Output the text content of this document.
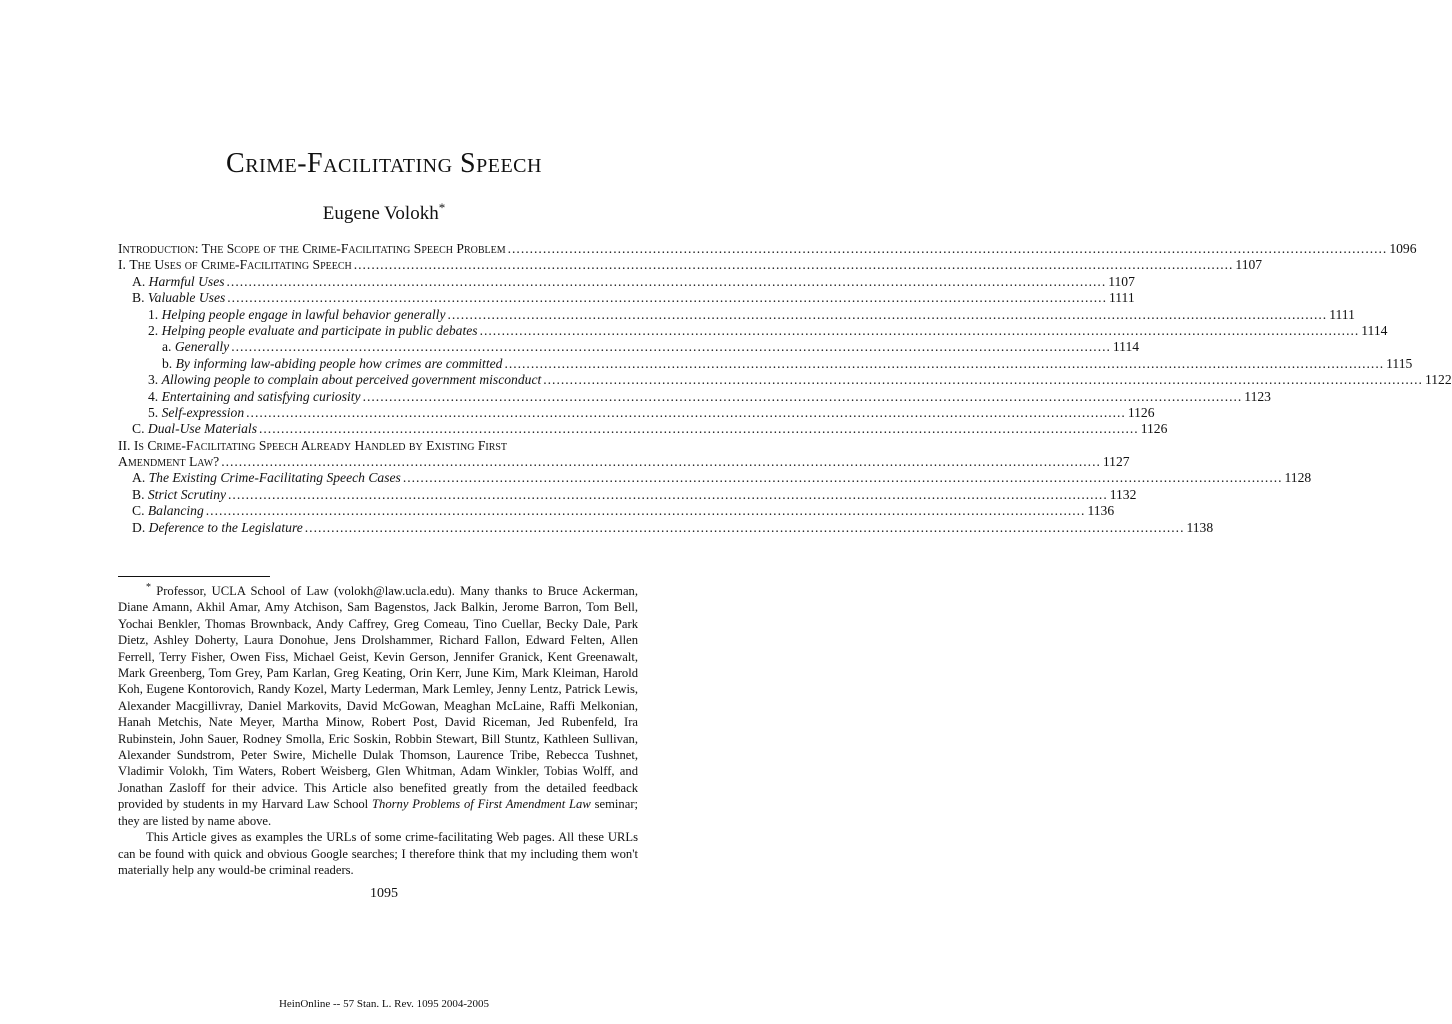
Crime-Facilitating Speech
Eugene Volokh*
Introduction: The Scope of the Crime-Facilitating Speech Problem .....	1096
I. The Uses of Crime-Facilitating Speech .....	1107
A. Harmful Uses .....	1107
B. Valuable Uses .....	1111
1. Helping people engage in lawful behavior generally .....	1111
2. Helping people evaluate and participate in public debates .....	1114
a. Generally .....	1114
b. By informing law-abiding people how crimes are committed .....	1115
3. Allowing people to complain about perceived government misconduct .....	1122
4. Entertaining and satisfying curiosity .....	1123
5. Self-expression .....	1126
C. Dual-Use Materials .....	1126
II. Is Crime-Facilitating Speech Already Handled by Existing First
Amendment Law? .....	1127
A. The Existing Crime-Facilitating Speech Cases .....	1128
B. Strict Scrutiny .....	1132
C. Balancing .....	1136
D. Deference to the Legislature .....	1138

* Professor, UCLA School of Law (volokh@law.ucla.edu). Many thanks to Bruce Ackerman, Diane Amann, Akhil Amar, Amy Atchison, Sam Bagenstos, Jack Balkin, Jerome Barron, Tom Bell, Yochai Benkler, Thomas Brownback, Andy Caffrey, Greg Comeau, Tino Cuellar, Becky Dale, Park Dietz, Ashley Doherty, Laura Donohue, Jens Drolshammer, Richard Fallon, Edward Felten, Allen Ferrell, Terry Fisher, Owen Fiss, Michael Geist, Kevin Gerson, Jennifer Granick, Kent Greenawalt, Mark Greenberg, Tom Grey, Pam Karlan, Greg Keating, Orin Kerr, June Kim, Mark Kleiman, Harold Koh, Eugene Kontorovich, Randy Kozel, Marty Lederman, Mark Lemley, Jenny Lentz, Patrick Lewis, Alexander Macgillivray, Daniel Markovits, David McGowan, Meaghan McLaine, Raffi Melkonian, Hanah Metchis, Nate Meyer, Martha Minow, Robert Post, David Riceman, Jed Rubenfeld, Ira Rubinstein, John Sauer, Rodney Smolla, Eric Soskin, Robbin Stewart, Bill Stuntz, Kathleen Sullivan, Alexander Sundstrom, Peter Swire, Michelle Dulak Thomson, Laurence Tribe, Rebecca Tushnet, Vladimir Volokh, Tim Waters, Robert Weisberg, Glen Whitman, Adam Winkler, Tobias Wolff, and Jonathan Zasloff for their advice. This Article also benefited greatly from the detailed feedback provided by students in my Harvard Law School Thorny Problems of First Amendment Law seminar; they are listed by name above.

This Article gives as examples the URLs of some crime-facilitating Web pages. All these URLs can be found with quick and obvious Google searches; I therefore think that my including them won't materially help any would-be criminal readers.

1095
HeinOnline -- 57 Stan. L. Rev. 1095 2004-2005
